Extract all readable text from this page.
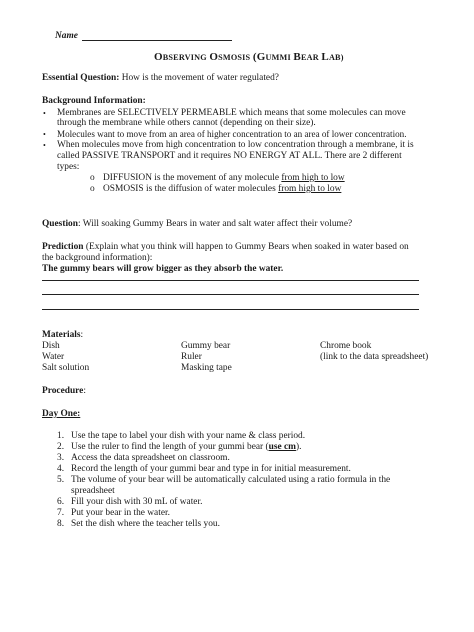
Name
OBSERVING OSMOSIS (GUMMI BEAR LAB)
Essential Question: How is the movement of water regulated?
Background Information:
• Membranes are SELECTIVELY PERMEABLE which means that some molecules can move
through the membrane while others cannot (depending on their size).
• Molecules want to move from an area of higher concentration to an area of lower concentration.
• When molecules move from high concentration to low concentration through a membrane, it is
called PASSIVE TRANSPORT and it requires NO ENERGY AT ALL. There are 2 different
types:
o DIFFUSION is the movement of any molecule from high to low
o OSMOSIS is the diffusion of water molecules from high to low
Question: Will soaking Gummy Bears in water and salt water affect their volume?
Prediction (Explain what you think will happen to Gummy Bears when soaked in water based on
the background information):
The gummy bears will grow bigger as they absorb the water.
Materials:
Dish
Water
Salt solution
Gummy bear
Ruler
Masking tape
Chrome book
(link to the data spreadsheet)
Procedure:
Day One:
1. Use the tape to label your dish with your name & class period.
2. Use the ruler to find the length of your gummi bear (use cm).
3. Access the data spreadsheet on classroom.
4. Record the length of your gummi bear and type in for initial measurement.
5. The volume of your bear will be automatically calculated using a ratio formula in the
spreadsheet
6. Fill your dish with 30 mL of water.
7. Put your bear in the water.
8. Set the dish where the teacher tells you.
